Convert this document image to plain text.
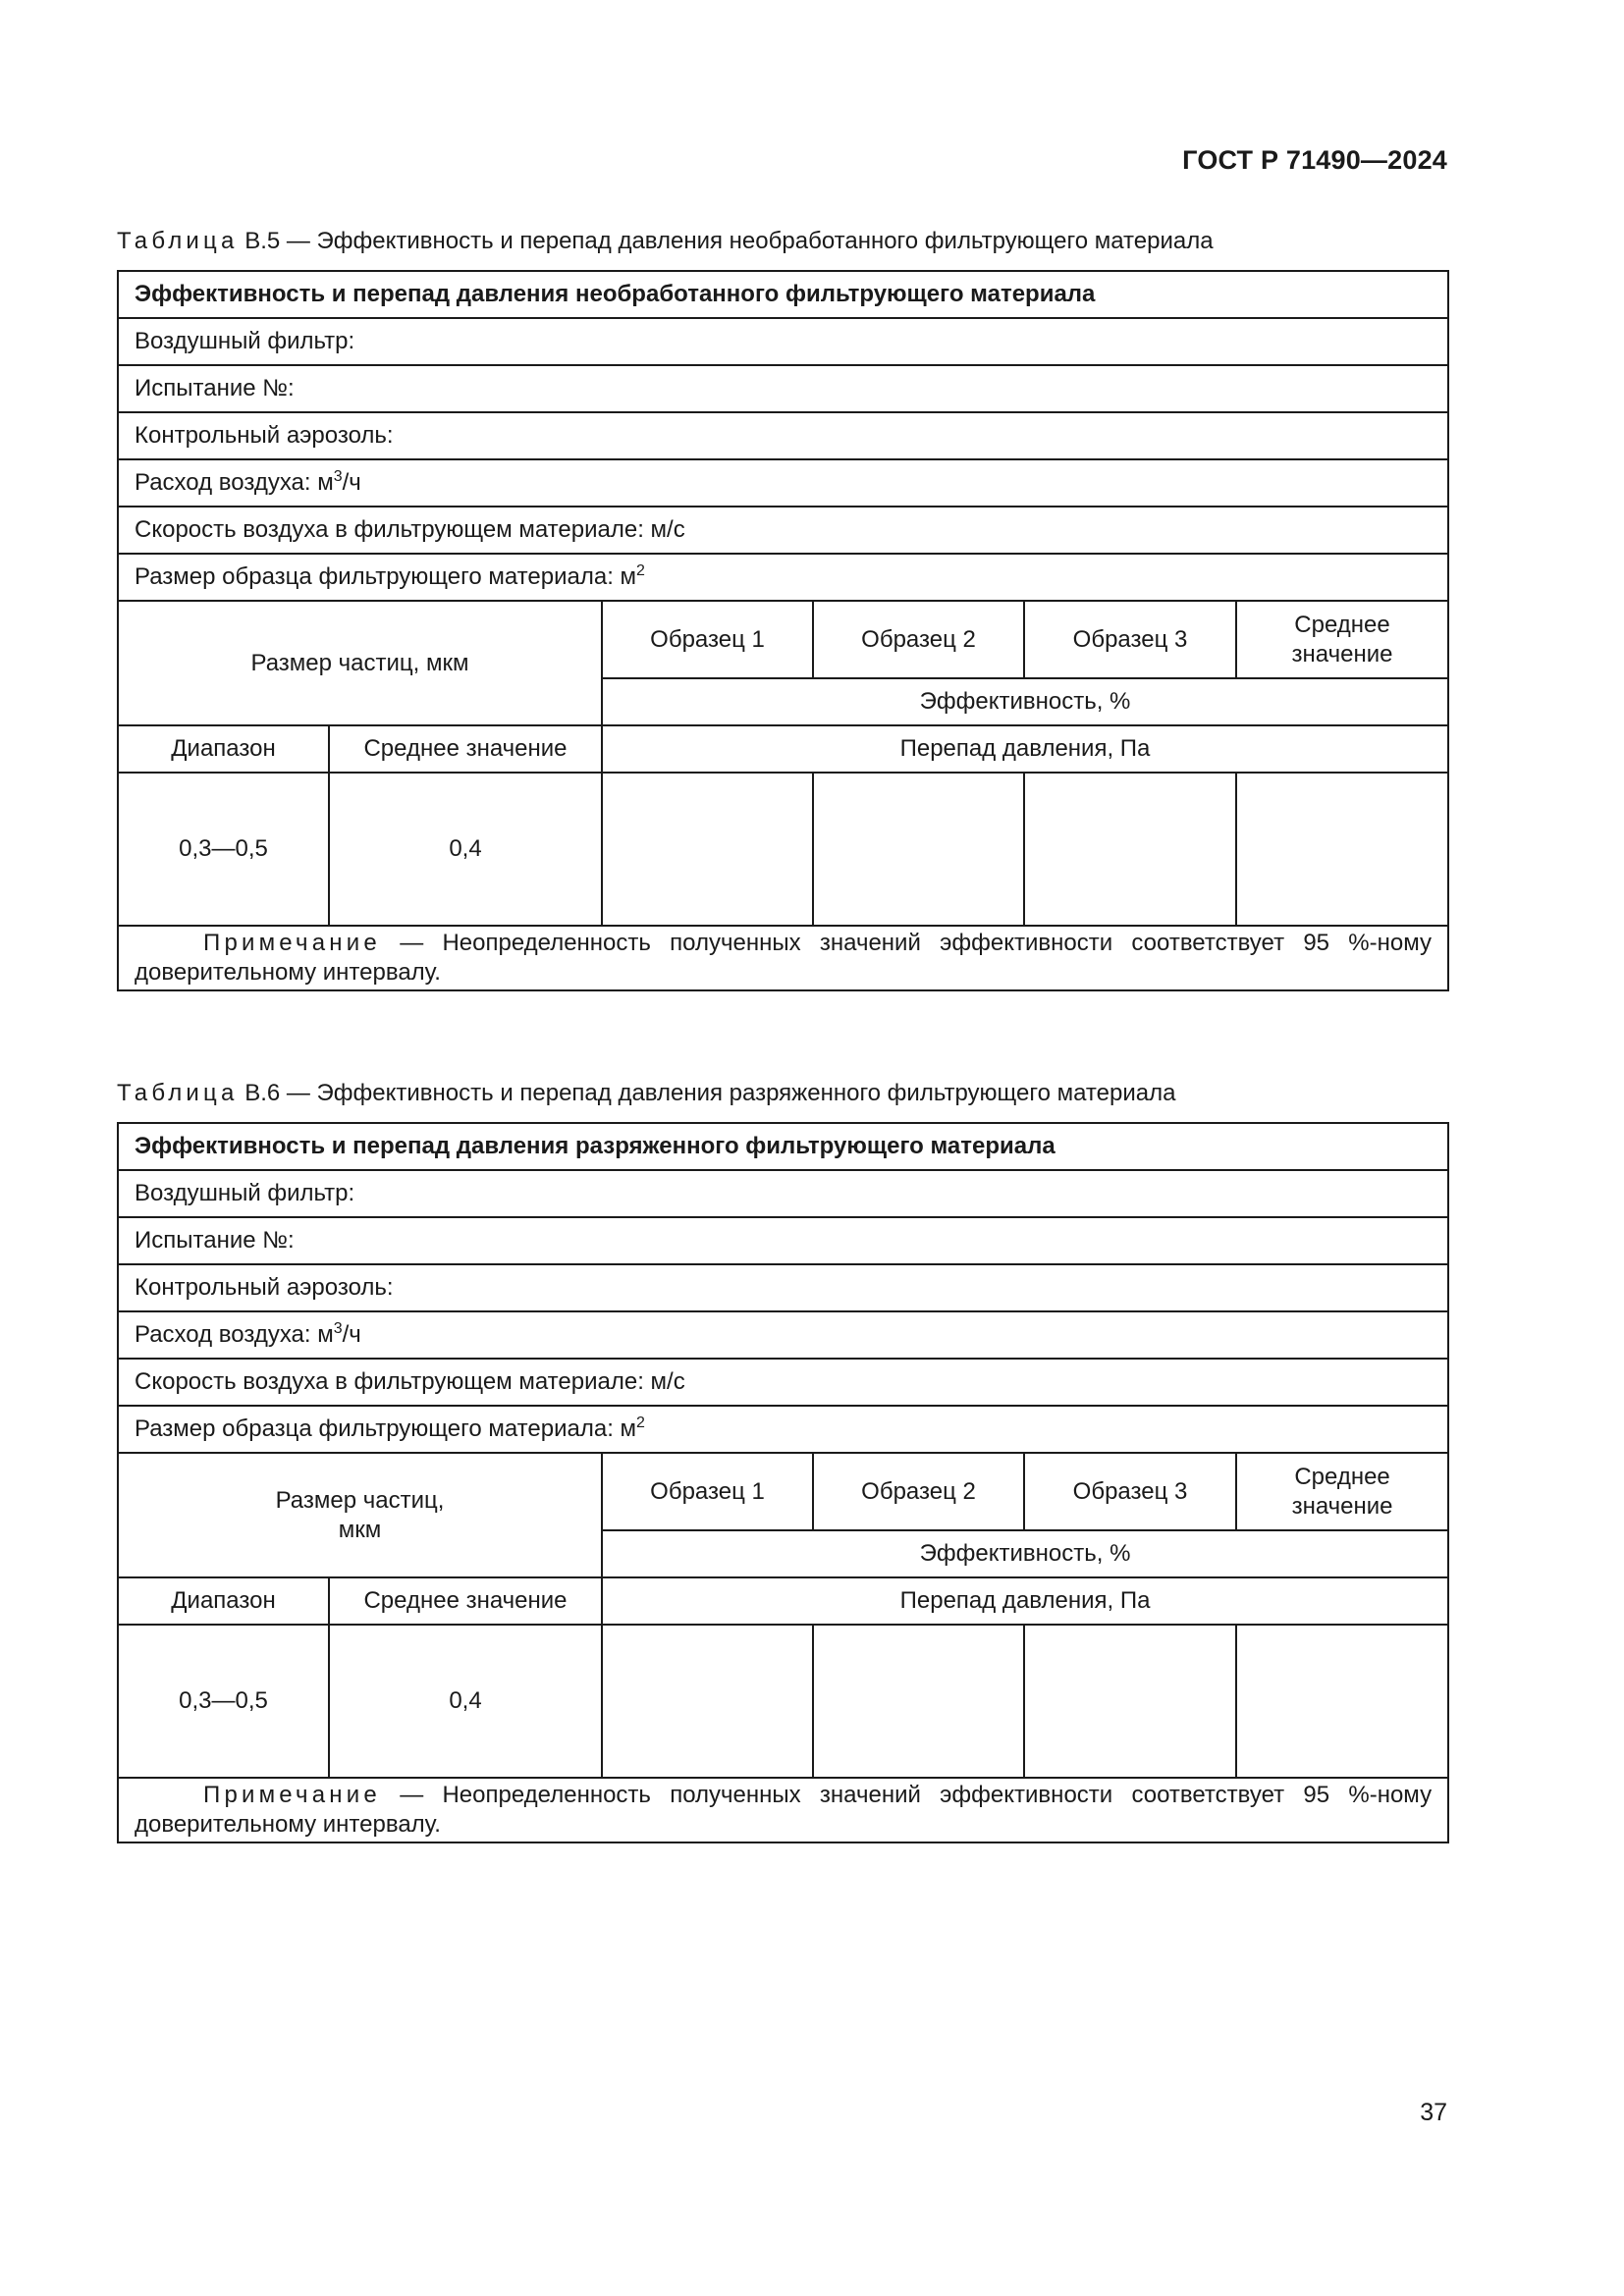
ГОСТ Р 71490—2024
Таблица В.5 — Эффективность и перепад давления необработанного фильтрующего материала
Эффективность и перепад давления необработанного фильтрующего материала					
Воздушный фильтр:					
Испытание №:					
Контрольный аэрозоль:					
Расход воздуха: $м^3/ч$					
Скорость воздуха в фильтрующем материале: м/с					
Размер образца фильтрующего материала: $м^2$
Размер частиц, мкм		Образец 1	Образец 2	Образец 3	Среднее значение
		Эффективность, %			
Диапазон	Среднее значение	Перепад давления, Па			
0,3—0,5	0,4				
Примечание — Неопределенность полученных значений эффективности соответствует 95 %-ному доверительному интервалу.					
Таблица В.6 — Эффективность и перепад давления разряженного фильтрующего материала
Эффективность и перепад давления разряженного фильтрующего материала					
Воздушный фильтр:					
Испытание №:					
Контрольный аэрозоль:					
Расход воздуха: $м^3/ч$					
Скорость воздуха в фильтрующем материале: м/с					
Размер образца фильтрующего материала: $м^2$
Размер частиц,
мкм		Образец 1	Образец 2	Образец 3	Среднее значение
		Эффективность, %			
Диапазон	Среднее значение	Перепад давления, Па			
0,3—0,5	0,4				
Примечание — Неопределенность полученных значений эффективности соответствует 95 %-ному доверительному интервалу.					
37
